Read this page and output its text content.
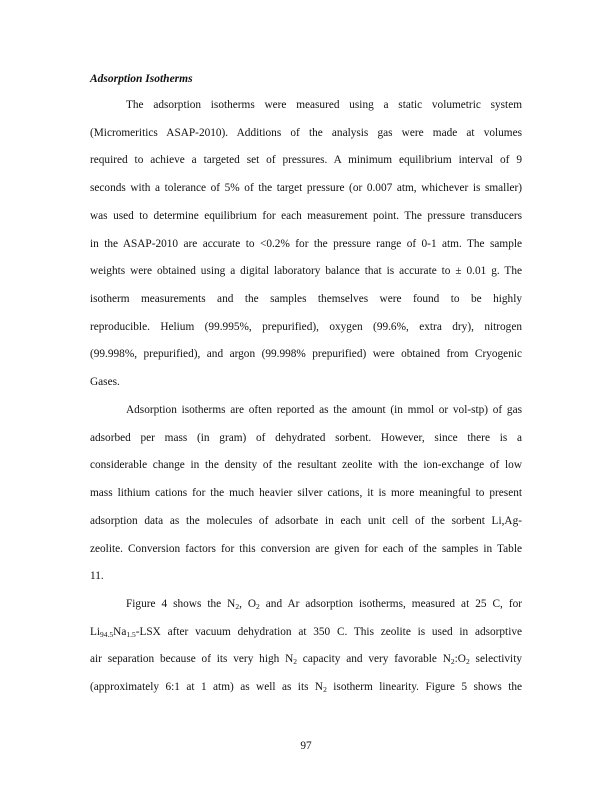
Adsorption Isotherms
The adsorption isotherms were measured using a static volumetric system
(Micromeritics ASAP-2010). Additions of the analysis gas were made at volumes
required to achieve a targeted set of pressures. A minimum equilibrium interval of 9
seconds with a tolerance of 5% of the target pressure (or 0.007 atm, whichever is smaller)
was used to determine equilibrium for each measurement point. The pressure transducers
in the ASAP-2010 are accurate to <0.2% for the pressure range of 0-1 atm. The sample
weights were obtained using a digital laboratory balance that is accurate to ± 0.01 g. The
isotherm measurements and the samples themselves were found to be highly
reproducible. Helium (99.995%, prepurified), oxygen (99.6%, extra dry), nitrogen
(99.998%, prepurified), and argon (99.998% prepurified) were obtained from Cryogenic
Gases.
Adsorption isotherms are often reported as the amount (in mmol or vol-stp) of gas
adsorbed per mass (in gram) of dehydrated sorbent. However, since there is a
considerable change in the density of the resultant zeolite with the ion-exchange of low
mass lithium cations for the much heavier silver cations, it is more meaningful to present
adsorption data as the molecules of adsorbate in each unit cell of the sorbent Li,Ag-
zeolite. Conversion factors for this conversion are given for each of the samples in Table
11.
Figure 4 shows the $N_2$, $O_2$ and Ar adsorption isotherms, measured at 25 C, for
$Li_{94.5}Na_{1.5}$-LSX after vacuum dehydration at 350 C. This zeolite is used in adsorptive
air separation because of its very high $N_2$ capacity and very favorable $N_2:O_2$ selectivity
(approximately 6:1 at 1 atm) as well as its $N_2$ isotherm linearity. Figure 5 shows the
97
